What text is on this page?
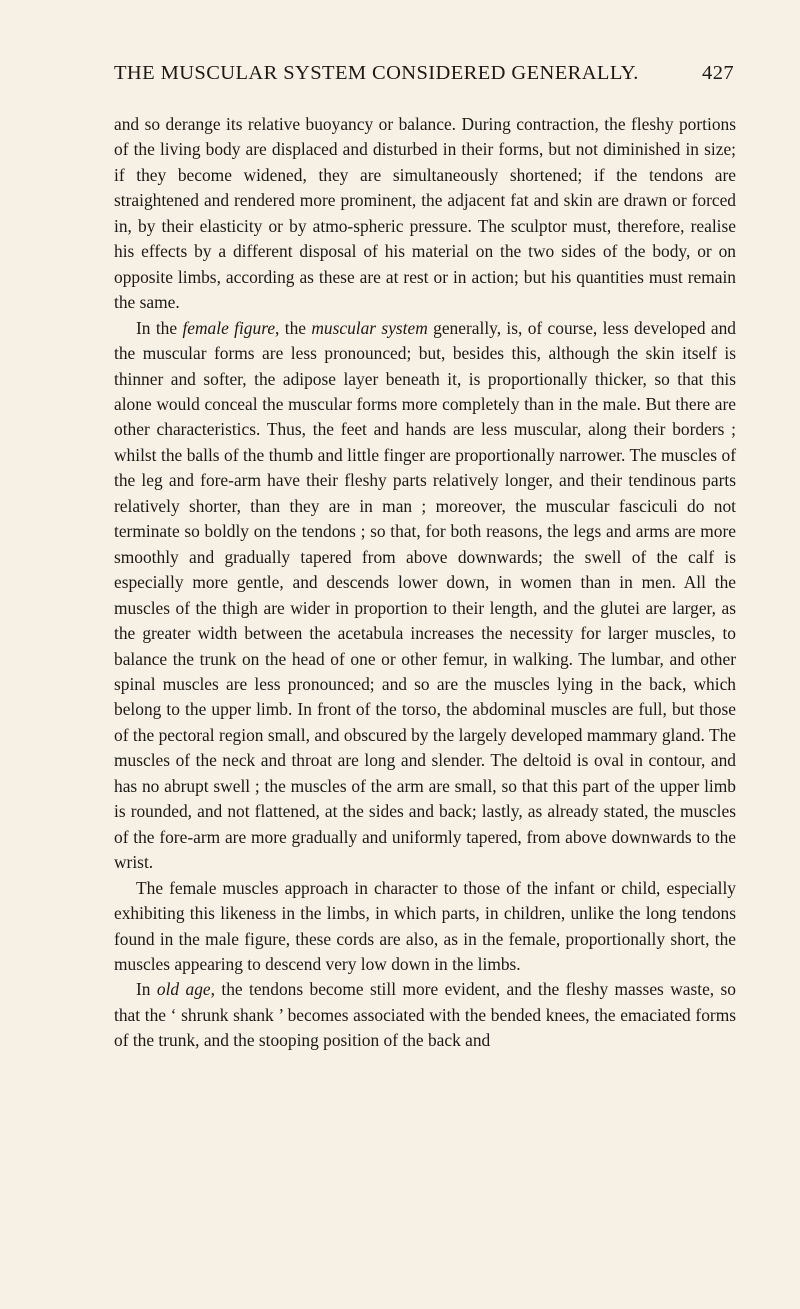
THE MUSCULAR SYSTEM CONSIDERED GENERALLY.	427

and so derange its relative buoyancy or balance. During contraction, the fleshy portions of the living body are displaced and disturbed in their forms, but not diminished in size; if they become widened, they are simultaneously shortened; if the tendons are straightened and rendered more prominent, the adjacent fat and skin are drawn or forced in, by their elasticity or by atmo-spheric pressure. The sculptor must, therefore, realise his effects by a different disposal of his material on the two sides of the body, or on opposite limbs, according as these are at rest or in action; but his quantities must remain the same.

In the female figure, the muscular system generally, is, of course, less developed and the muscular forms are less pronounced; but, besides this, although the skin itself is thinner and softer, the adipose layer beneath it, is proportionally thicker, so that this alone would conceal the muscular forms more completely than in the male. But there are other characteristics. Thus, the feet and hands are less muscular, along their borders ; whilst the balls of the thumb and little finger are proportionally narrower. The muscles of the leg and fore-arm have their fleshy parts relatively longer, and their tendinous parts relatively shorter, than they are in man ; moreover, the muscular fasciculi do not terminate so boldly on the tendons ; so that, for both reasons, the legs and arms are more smoothly and gradually tapered from above downwards; the swell of the calf is especially more gentle, and descends lower down, in women than in men. All the muscles of the thigh are wider in proportion to their length, and the glutei are larger, as the greater width between the acetabula increases the necessity for larger muscles, to balance the trunk on the head of one or other femur, in walking. The lumbar, and other spinal muscles are less pronounced; and so are the muscles lying in the back, which belong to the upper limb. In front of the torso, the abdominal muscles are full, but those of the pectoral region small, and obscured by the largely developed mammary gland. The muscles of the neck and throat are long and slender. The deltoid is oval in contour, and has no abrupt swell ; the muscles of the arm are small, so that this part of the upper limb is rounded, and not flattened, at the sides and back; lastly, as already stated, the muscles of the fore-arm are more gradually and uniformly tapered, from above downwards to the wrist.

The female muscles approach in character to those of the infant or child, especially exhibiting this likeness in the limbs, in which parts, in children, unlike the long tendons found in the male figure, these cords are also, as in the female, proportionally short, the muscles appearing to descend very low down in the limbs.

In old age, the tendons become still more evident, and the fleshy masses waste, so that the ‘ shrunk shank ’ becomes associated with the bended knees, the emaciated forms of the trunk, and the stooping position of the back and
